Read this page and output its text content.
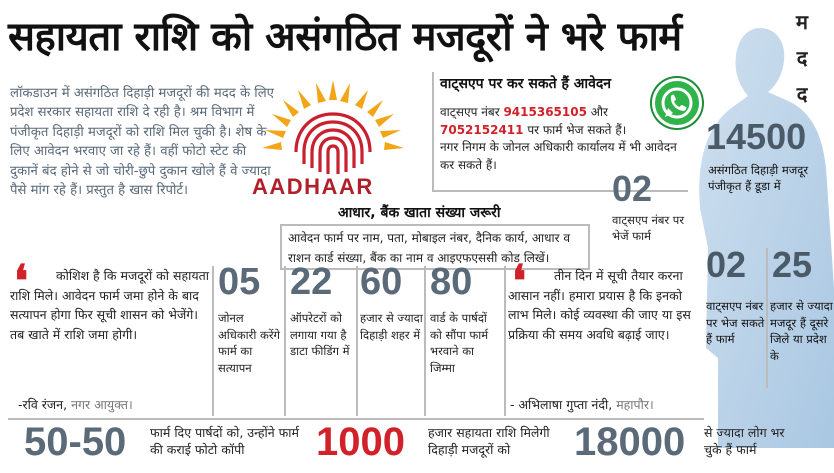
म
द
द
सहायता राशि को असंगठित मजदूरों ने भरे फार्म
लॉकडाउन में असंगठित दिहाड़ी मजदूरों की मदद के लिए प्रदेश सरकार सहायता राशि दे रही है। श्रम विभाग में पंजीकृत दिहाड़ी मजदूरों को राशि मिल चुकी है। शेष के लिए आवेदन भरवाए जा रहे हैं। वहीं फोटो स्टेट की दुकानें बंद होने से जो चोरी-छुपे दुकान खोले हैं वे ज्यादा पैसे मांग रहे हैं। प्रस्तुत है खास रिपोर्ट।	AADHAAR
वाट्सएप पर कर सकते हैं आवेदन
वाट्सएप नंबर 9415365105 और
7052152411 पर फार्म भेज सकते हैं।
नगर निगम के जोनल अधिकारी कार्यालय में भी आवेदन कर सकते हैं।
आधार, बैंक खाता संख्या जरूरी
आवेदन फार्म पर नाम, पता, मोबाइल नंबर, दैनिक कार्य, आधार व राशन कार्ड संख्या, बैंक का नाम व आइएफएससी कोड लिखें।
02
वाट्सएप नंबर पर भेजें फार्म
14500
असंगठित दिहाड़ी मजदूर पंजीकृत हैं डूडा में
02 25
वाट्सएप नंबर पर भेज सकते हैं फार्म
हजार से ज्यादा मजदूर हैं दूसरे जिले या प्रदेश के
❛	कोशिश है कि मजदूरों को सहायता राशि मिले। आवेदन फार्म जमा होने के बाद सत्यापन होगा फिर सूची शासन को भेजेंगे। तब खाते में राशि जमा होगी।
-रवि रंजन, नगर आयुक्त।
05
जोनल अधिकारी करेंगे फार्म का सत्यापन
22
ऑपरेटरों को लगाया गया है डाटा फीडिंग में
60
हजार से ज्यादा दिहाड़ी शहर में
80
वार्ड के पार्षदों को सौंपा फार्म भरवाने का जिम्मा
❛	तीन दिन में सूची तैयार करना आसान नहीं। हमारा प्रयास है कि इनको लाभ मिले। कोई व्यवस्था की जाए या इस प्रक्रिया की समय अवधि बढ़ाई जाए।
- अभिलाषा गुप्ता नंदी, महापौर।
50-50 फार्म दिए पार्षदों को, उन्होंने फार्म की कराई फोटो कॉपी	1000 हजार सहायता राशि मिलेगी दिहाड़ी मजदूरों को	18000 से ज्यादा लोग भर चुके हैं फार्म
